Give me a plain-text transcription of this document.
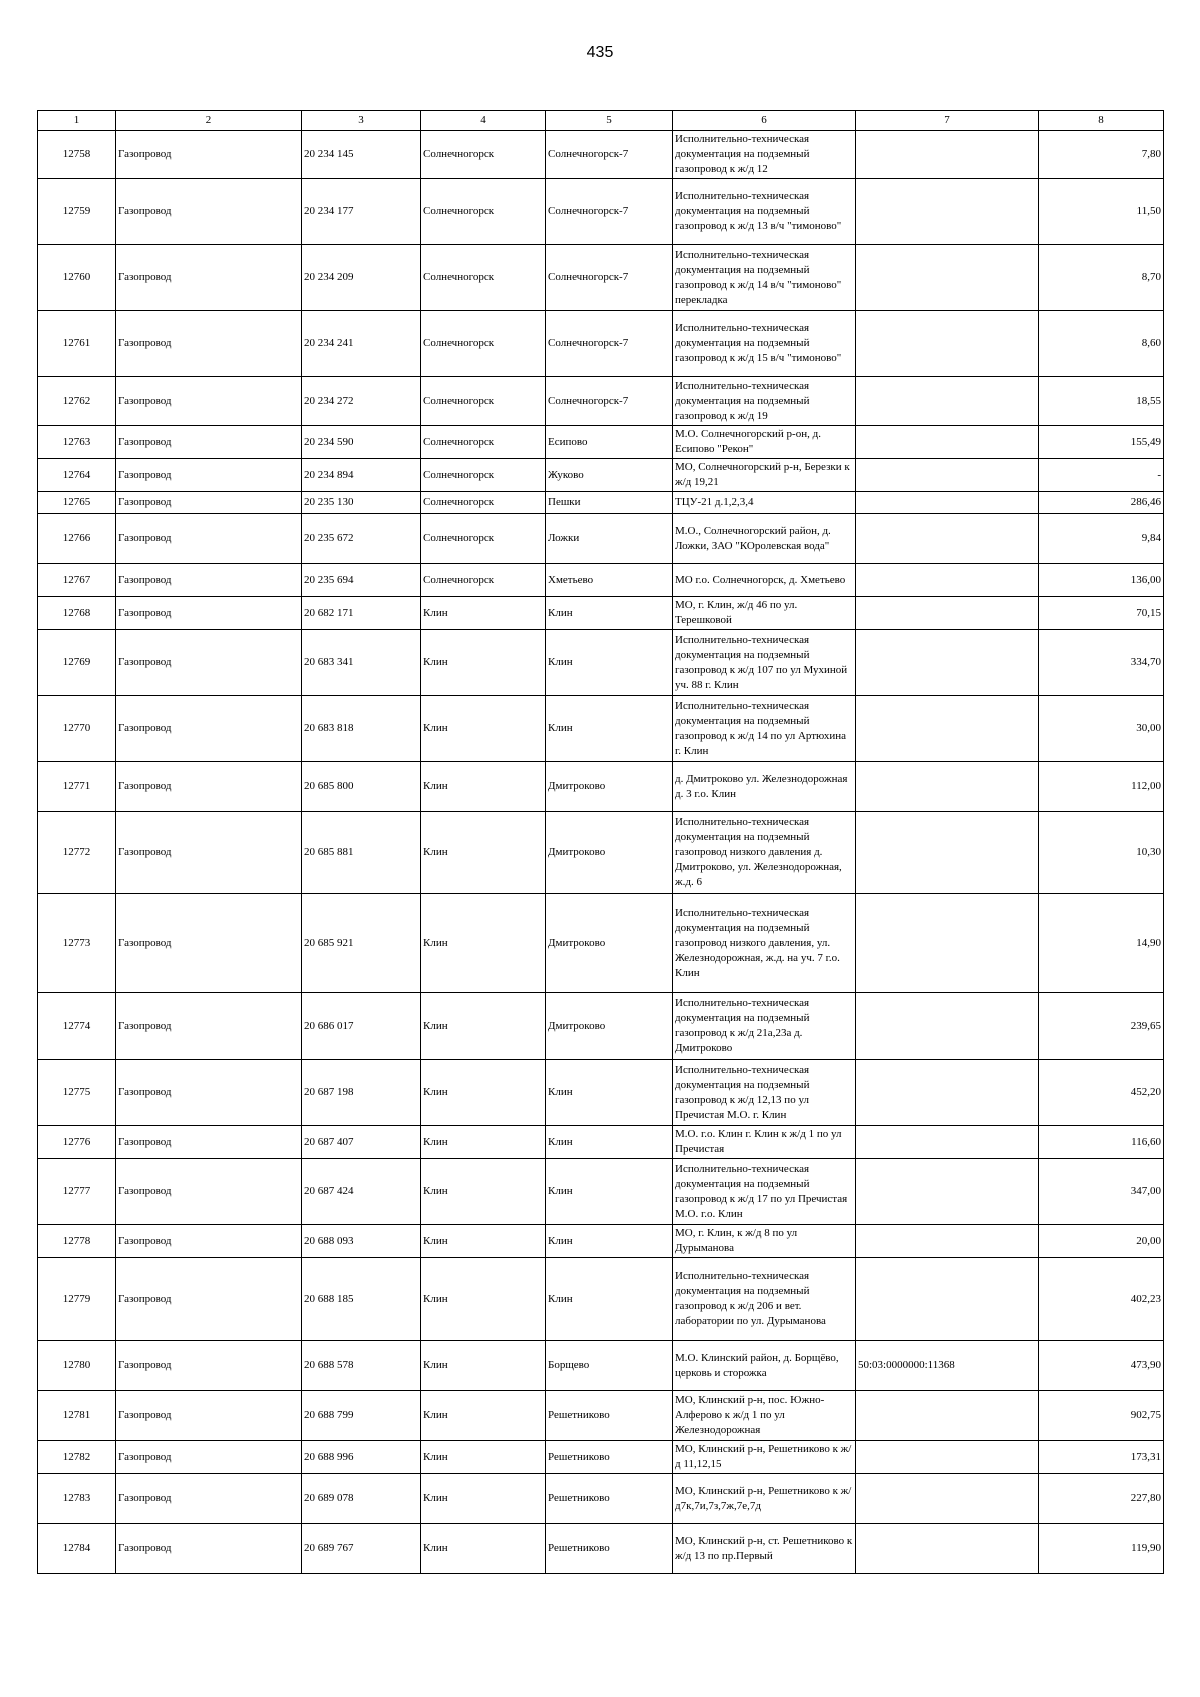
435
1	2	3	4	5	6	7	8
12758	Газопровод	20 234 145	Солнечногорск	Солнечногорск-7	Исполнительно-техническая документация на подземный газопровод к ж/д 12		7,80
12759	Газопровод	20 234 177	Солнечногорск	Солнечногорск-7	Исполнительно-техническая документация на подземный газопровод к ж/д 13 в/ч "тимоново"		11,50
12760	Газопровод	20 234 209	Солнечногорск	Солнечногорск-7	Исполнительно-техническая документация на подземный газопровод к ж/д 14 в/ч "тимоново" перекладка		8,70
12761	Газопровод	20 234 241	Солнечногорск	Солнечногорск-7	Исполнительно-техническая документация на подземный газопровод к ж/д 15 в/ч "тимоново"		8,60
12762	Газопровод	20 234 272	Солнечногорск	Солнечногорск-7	Исполнительно-техническая документация на подземный газопровод к ж/д 19		18,55
12763	Газопровод	20 234 590	Солнечногорск	Есипово	М.О. Солнечногорский р-он, д. Есипово "Рекон"		155,49
12764	Газопровод	20 234 894	Солнечногорск	Жуково	МО, Солнечногорский р-н, Березки к ж/д 19,21		-
12765	Газопровод	20 235 130	Солнечногорск	Пешки	ТЦУ-21 д.1,2,3,4		286,46
12766	Газопровод	20 235 672	Солнечногорск	Ложки	М.О., Солнечногорский район, д. Ложки, ЗАО "КОролевская вода"		9,84
12767	Газопровод	20 235 694	Солнечногорск	Хметьево	МО г.о. Солнечногорск, д. Хметьево		136,00
12768	Газопровод	20 682 171	Клин	Клин	МО, г. Клин, ж/д 46 по ул. Терешковой		70,15
12769	Газопровод	20 683 341	Клин	Клин	Исполнительно-техническая документация на подземный газопровод к ж/д 107 по ул Мухиной уч. 88 г. Клин		334,70
12770	Газопровод	20 683 818	Клин	Клин	Исполнительно-техническая документация на подземный газопровод к ж/д 14 по ул Артюхина г. Клин		30,00
12771	Газопровод	20 685 800	Клин	Дмитроково	д. Дмитроково ул. Железнодорожная д. 3 г.о. Клин		112,00
12772	Газопровод	20 685 881	Клин	Дмитроково	Исполнительно-техническая документация на подземный газопровод низкого давления д. Дмитроково, ул. Железнодорожная, ж.д. 6		10,30
12773	Газопровод	20 685 921	Клин	Дмитроково	Исполнительно-техническая документация на подземный газопровод низкого давления, ул. Железнодорожная, ж.д. на уч. 7 г.о. Клин		14,90
12774	Газопровод	20 686 017	Клин	Дмитроково	Исполнительно-техническая документация на подземный газопровод к ж/д 21а,23а д. Дмитроково		239,65
12775	Газопровод	20 687 198	Клин	Клин	Исполнительно-техническая документация на подземный газопровод к ж/д 12,13 по ул Пречистая М.О. г. Клин		452,20
12776	Газопровод	20 687 407	Клин	Клин	М.О. г.о. Клин г. Клин к ж/д 1 по ул Пречистая		116,60
12777	Газопровод	20 687 424	Клин	Клин	Исполнительно-техническая документация на подземный газопровод к ж/д 17 по ул Пречистая М.О. г.о. Клин		347,00
12778	Газопровод	20 688 093	Клин	Клин	МО, г. Клин, к ж/д 8 по ул Дурыманова		20,00
12779	Газопровод	20 688 185	Клин	Клин	Исполнительно-техническая документация на подземный газопровод к ж/д 206 и вет. лаборатории по ул. Дурыманова		402,23
12780	Газопровод	20 688 578	Клин	Борщево	М.О. Клинский район, д. Борщёво, церковь и сторожка	50:03:0000000:11368	473,90
12781	Газопровод	20 688 799	Клин	Решетниково	МО, Клинский р-н, пос. Южно-Алферово к ж/д 1 по ул Железнодорожная		902,75
12782	Газопровод	20 688 996	Клин	Решетниково	МО, Клинский р-н, Решетниково к ж/д 11,12,15		173,31
12783	Газопровод	20 689 078	Клин	Решетниково	МО, Клинский р-н, Решетниково к ж/д7к,7и,7з,7ж,7е,7д		227,80
12784	Газопровод	20 689 767	Клин	Решетниково	МО, Клинский р-н, ст. Решетниково к ж/д 13 по пр.Первый		119,90
